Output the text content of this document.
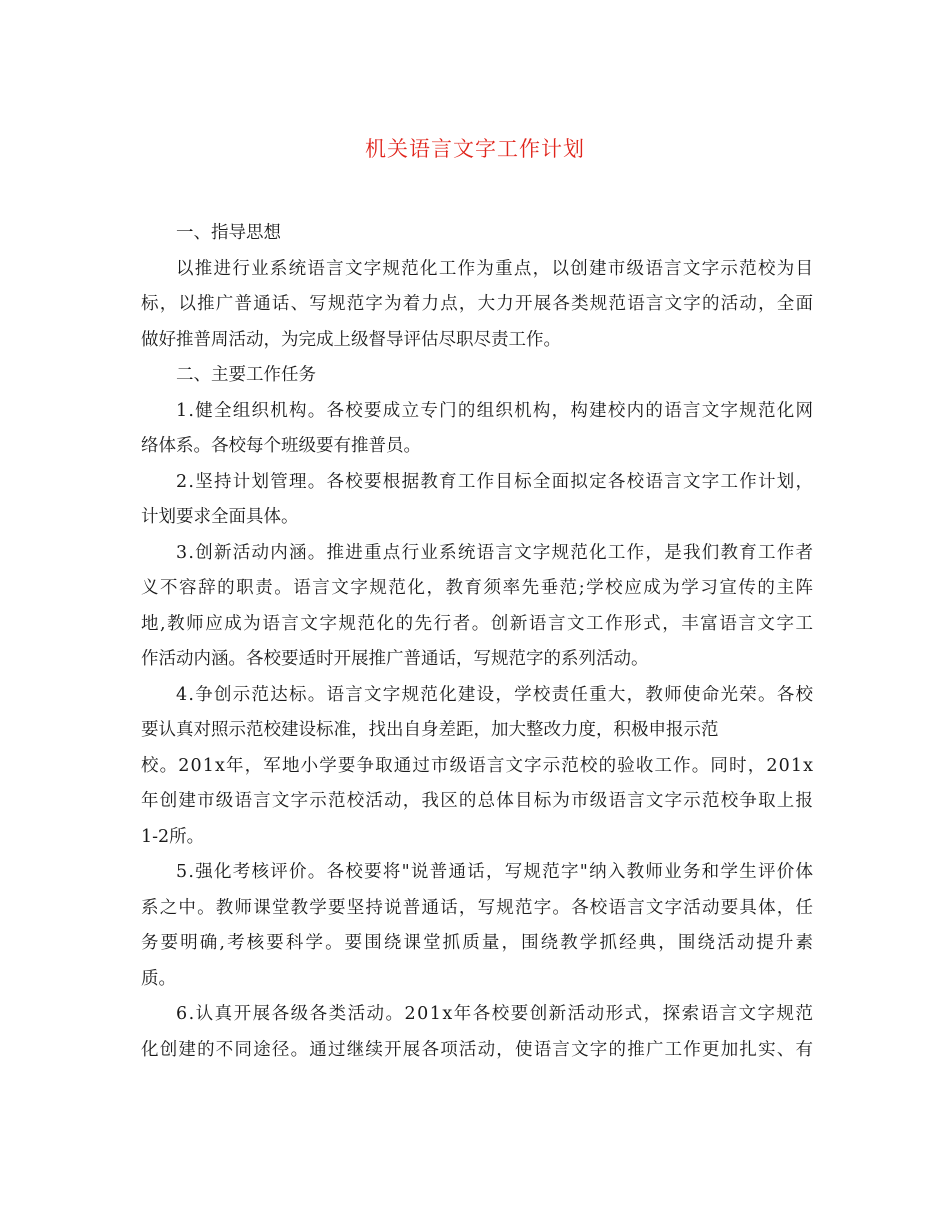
机关语言文字工作计划

一、指导思想

以推进行业系统语言文字规范化工作为重点，以创建市级语言文字示范校为目

标，以推广普通话、写规范字为着力点，大力开展各类规范语言文字的活动，全面

做好推普周活动，为完成上级督导评估尽职尽责工作。

二、主要工作任务

1.健全组织机构。各校要成立专门的组织机构，构建校内的语言文字规范化网

络体系。各校每个班级要有推普员。

2.坚持计划管理。各校要根据教育工作目标全面拟定各校语言文字工作计划，

计划要求全面具体。

3.创新活动内涵。推进重点行业系统语言文字规范化工作，是我们教育工作者

义不容辞的职责。语言文字规范化，教育须率先垂范;学校应成为学习宣传的主阵

地,教师应成为语言文字规范化的先行者。创新语言文工作形式，丰富语言文字工

作活动内涵。各校要适时开展推广普通话，写规范字的系列活动。

4.争创示范达标。语言文字规范化建设，学校责任重大，教师使命光荣。各校

要认真对照示范校建设标准，找出自身差距，加大整改力度，积极申报示范

校。201x年，军地小学要争取通过市级语言文字示范校的验收工作。同时，201x

年创建市级语言文字示范校活动，我区的总体目标为市级语言文字示范校争取上报

1-2所。

5.强化考核评价。各校要将"说普通话，写规范字"纳入教师业务和学生评价体

系之中。教师课堂教学要坚持说普通话，写规范字。各校语言文字活动要具体，任

务要明确,考核要科学。要围绕课堂抓质量，围绕教学抓经典，围绕活动提升素

质。

6.认真开展各级各类活动。201x年各校要创新活动形式，探索语言文字规范

化创建的不同途径。通过继续开展各项活动，使语言文字的推广工作更加扎实、有
